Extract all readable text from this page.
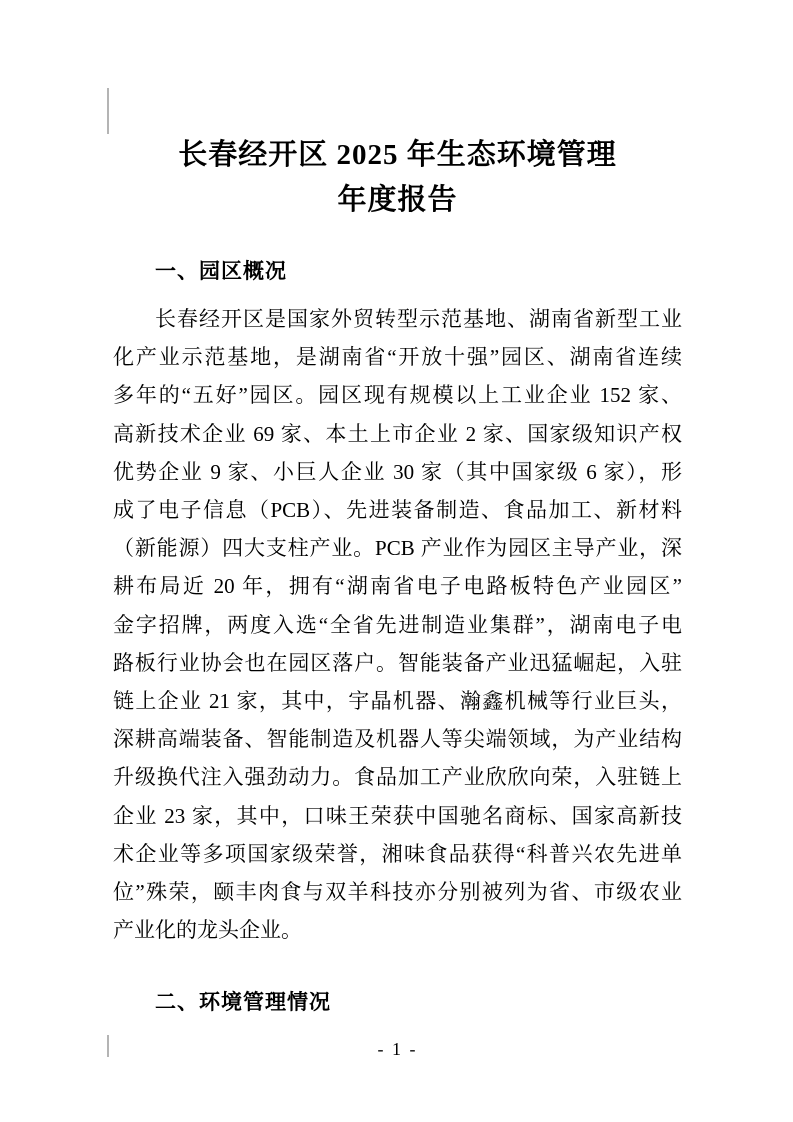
长春经开区 2025 年生态环境管理
年度报告
一、园区概况
长春经开区是国家外贸转型示范基地、湖南省新型工业
化产业示范基地，是湖南省“开放十强”园区、湖南省连续
多年的“五好”园区。园区现有规模以上工业企业 152 家、
高新技术企业 69 家、本土上市企业 2 家、国家级知识产权
优势企业 9 家、小巨人企业 30 家（其中国家级 6 家），形
成了电子信息（PCB）、先进装备制造、食品加工、新材料
（新能源）四大支柱产业。PCB 产业作为园区主导产业，深
耕布局近 20 年，拥有“湖南省电子电路板特色产业园区”
金字招牌，两度入选“全省先进制造业集群”，湖南电子电
路板行业协会也在园区落户。智能装备产业迅猛崛起，入驻
链上企业 21 家，其中，宇晶机器、瀚鑫机械等行业巨头，
深耕高端装备、智能制造及机器人等尖端领域，为产业结构
升级换代注入强劲动力。食品加工产业欣欣向荣，入驻链上
企业 23 家，其中，口味王荣获中国驰名商标、国家高新技
术企业等多项国家级荣誉，湘味食品获得“科普兴农先进单
位”殊荣，颐丰肉食与双羊科技亦分别被列为省、市级农业
产业化的龙头企业。
二、环境管理情况
- 1 -
